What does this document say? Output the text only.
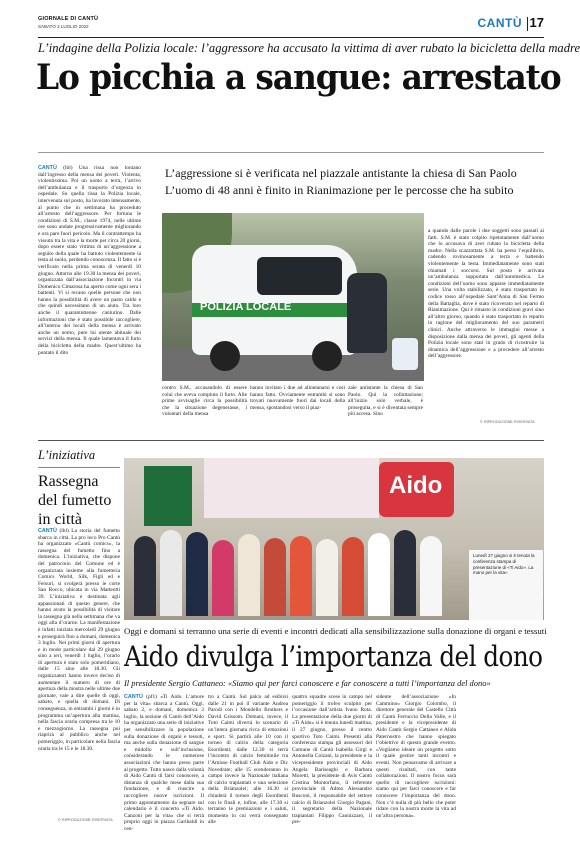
GIORNALE DI CANTÙ
SABATO 2 LUGLIO 2022	CANTÙ 17
L’indagine della Polizia locale: l’aggressore ha accusato la vittima di aver rubato la bicicletta della madre
Lo picchia a sangue: arrestato
L’aggressione si è verificata nel piazzale antistante la chiesa di San Paolo
L’uomo di 48 anni è finito in Rianimazione per le percosse che ha subito
CANTÙ (lbl) Una rissa non lontano dall’ingresso della mensa dei poveri. Violenta, violentissima. Poi un uomo a terra, l’arrivo dell’ambulanza e il trasporto d’urgenza in ospedale. Su quella rissa la Polizia locale, intervenuta sul posto, ha lavorato intensamente, al punto che in settimana ha proceduto all’arresto dell’aggressore. Per fortuna le condizioni di S.M., classe 1974, nelle ultime ore sono andate progressivamente migliorando e ora pare fuori pericolo. Ma il contrattempo ha vissuto tra la vita e la morte per circa 20 giorni, dopo essere stato vittima di un’aggressione a seguito della quale ha battuto violentemente la testa al suolo, perdendo conoscenza. Il fatto si è verificato nella prima serata di venerdì 10 giugno. Attorno alle 19.30 la mensa dei poveri, organizzata dall’associazione Incontri in via Domenico Cimarosa ha aperto come ogni sera i battenti. Vi si recano quelle persone che non hanno la possibilità di avere un pasto caldo e che quindi necessitano di un aiuto. Tra loro anche il quarantottenne canturino. Dalle informazioni che è stato possibile raccogliere, all’interno dei locali della mensa è arrivato anche un uomo, pure lui utente abituale dei servizi della mensa. Il quale lamentava il furto della bicicletta della madre. Quest’ultimo ha puntato il dito
POLIZIA LOCALE
contro S.M., accusandolo di essere colui che aveva compiuto il furto. Alle prime avvisaglie circa la possibilità che la situazione degenerasse, i volontari della mensa
hanno invitato i due ad allontanarsi e così hanno fatto. Ovviamente entrambi si sono trovati nuovamente fuori dai locali della mensa, spostandosi verso il piaz-
zale antistante la chiesa di San Paolo. Qui la colluttazione; all’inizio solo verbale, è proseguita, e si è diventata sempre più accesa. Sino
a quando dalle parole i due soggetti sono passati ai fatti. S.M. è stato colpito ripetutamente dall’uomo che lo accusava di aver rubato la bicicletta della madre. Nella scazzottata S.M. ha perso l’equilibrio, cadendo rovinosamente a terra e battendo violentemente la testa. Immediatamente sono stati chiamati i soccorsi. Sul posto è arrivata un’ambulanza supportata dall’automedica. Le condizioni dell’uomo sono apparse immediatamente serie. Una volta stabilizzato, è stato trasportato in codice rosso all’ospedale Sant’Anna di San Fermo della Battaglia, dove è stato ricoverato nel reparto di Rianimazione. Qui è rimasto in condizioni gravi sino all’altro giorno, quando è stato trasportato in reparto in ragione del miglioramento del suo parametri clinici. Anche attraverso le immagini messe a disposizione dalla mensa dei poveri, gli agenti della Polizia locale sono stati in grado di ricostruire la dinamica dell’aggressione e a procedere all’arresto dell’aggressore.
© RIPRODUZIONE RISERVATA
L’iniziativa
Rassegna del fumetto in città
CANTÙ (lbl) La storia del fumetto sbarca in città. La pro loco Pro Cantù ha organizzato «Cantù comics», la rassegna del fumetto fino a domenica. L’iniziativa, che dispone del patrocinio del Comune ed è organizzata insieme alla fumetteria Comics World, Silk, Figli ed e Fersuri, si svolgerà presso le corte San Rocco, ubicata in via Matteotti 39. L’iniziativa è destinata agli appassionati di questo genere, che hanno avuto la possibilità di visitare la rassegna già nella settimana che va oggi alla d’orarne. La manifestazione è infatti iniziata mercoledì 29 giugno e proseguirà fino a domani, domenica 3 luglio. Nei primi giorni di apertura e in modo particolare dal 29 giugno sino a ieri, venerdì 1 luglio, l’orario di apertura è stato solo pomeridiano, dalle 15 sino alle 18.30. Gli organizzatori hanno invece deciso di aumentare il numero di ore di apertura della mostra nelle ultime due giornate, vale a dire quelle di oggi, sabato, e quella di domani. Di conseguenza, in entrambi i giorni è in programma un’apertura alla mattina, nella fascia oraria compresa tra le 10 e mezzogiorno. La rassegna poi riaprirà al pubblico anche nel pomeriggio, in particolare nella fascia oraria tra le 15 e le 18.30.
© RIPRODUZIONE RISERVATA
Aido
Lunedì 27 giugno si è tenuta la conferenza stampa di presentazione di «Ti Aido». La mano per la vita»
Oggi e domani si terranno una serie di eventi e incontri dedicati alla sensibilizzazione sulla donazione di organi e tessuti
Aido divulga l’importanza del dono
Il presidente Sergio Cattaneo: «Siamo qui per farci conoscere e far conoscere a tutti l’importanza del dono»
CANTÙ (pf1) «Ti Aido. L’amore per la vita» sbarca a Cantù. Oggi, sabato 2, e domani, domenica 3 luglio, la sezione di Cantù dell’Aido ha organizzato una serie di iniziative per sensibilizzare la popolazione sulla donazione di organi e tessuti, ma anche sulla donazione di sangue e midollo e sull’inclusione, considerando le numerose associazioni che hanno preso parte al progetto. Tutto nasce dalla volontà di Aido Cantù di farsi conoscere, a distanza di qualche mese dalla sua fondazione, e di riuscire a raccogliere nuove iscrizioni. Il primo appuntamento da segnare sul calendario è il concerto «Ti Aido. Canzoni per la vita» che si terrà proprio oggi in piazza Garibaldi in cen-
tro a Cantù. Sul palco ad esibirsi dalle 21 in poi il variante Andrea Parodi con i Mondello Brothers e David Grissom. Domani, invece, il Toto Caimi diverrà lo scenario di un’intera giornata ricca di emozioni e sport. Si partirà alle 10 con il torneo di calcio della categoria Esordienti; dalle 12.30 si terrà l’incontro di calcio femminile tra l’Amisse Football Club Aido e Dic Novedrate; alle 15 scenderanno in campo invece la Nazionale italiana di calcio trapiantati e una selezione della Brianzolei; alle 16.30 si chiuderà il torneo degli Esordienti con le finali e, infine, alle 17.30 si terranno le premiazioni e i saluti, momento in cui verrà consegnato alle
quattro squadre scese in campo nel pomeriggio il trofeo sculpito per l’occasione dall’artista Ivano Rota. La presentazione della due giorni di «Ti Aido» si è tenuta lunedì mattina, il 27 giugno, presso il centro sportivo Toto Caimi. Presenti alla conferenza stampa gli assessori del Comune di Cantù Isabella Girgi e Antonella Colzani, la presidente e la vicepresidente provinciali di Aido Angela Bariseaghi e Barbara Moretti, la presidente di Avis Cantù Cristina Montorfano, il referente provinciale di Admo Alessandro Busconi, il responsabile del settore calcio di Brianzolei Giorgio Pagani, il segretario della Nazionale trapiantati Filippo Cannizzaro, il pre-
sidente dell’associazione «In Cammino» Giorgio Colombo, il direttore generale del Castello Città di Cantù Ferruccio Della Valle, e il presidente e la vicepresidente di Aido Cantù Sergio Cattaneo e Alida Paternostro che hanno spiegato l’obiettivo di questo grande evento. «Vogliamo ideare un progetto sotto il quale gestire tanti incontri e eventi. Non pensavamo di arrivare a questi risultati, con tante collaborazioni. Il nostro focus sarà quello di raccogliere iscrizioni: siamo qui per farci conoscere e far conoscere l’importanza del dono. Non c’è nulla di più bello che poter ridare con la nostra morte la vita ad un’altra persona».
